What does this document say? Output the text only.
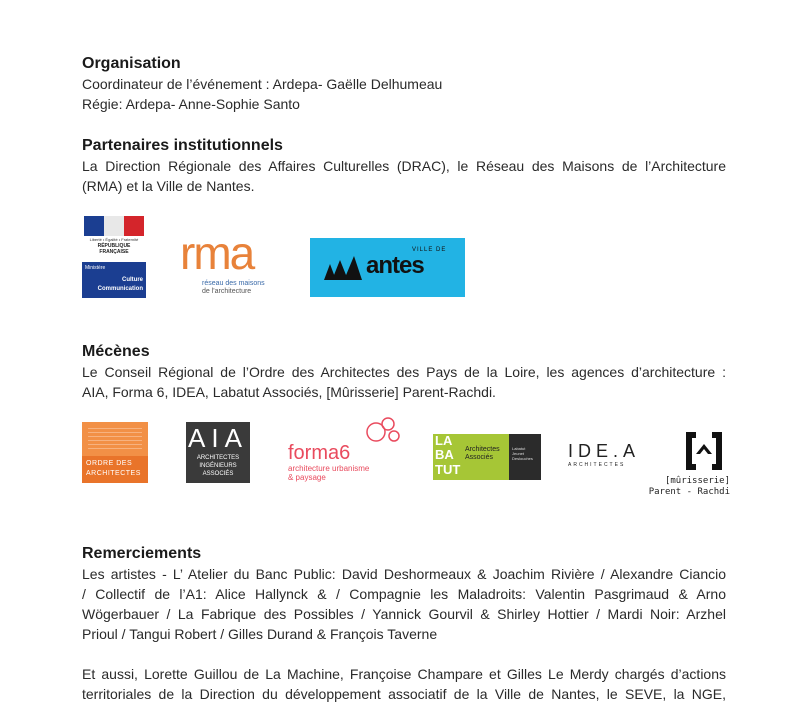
Organisation

Coordinateur de l’événement : Ardepa- Gaëlle Delhumeau

Régie: Ardepa- Anne-Sophie Santo

Partenaires institutionnels

La Direction Régionale des Affaires Culturelles (DRAC), le Réseau des Maisons de l’Architecture

(RMA) et la Ville de Nantes.

Liberté • Égalité • Fraternité
RÉPUBLIQUE FRANÇAISE
Ministère
Culture
Communication
rma
réseau des maisons
de l'architecture
VILLE DE
antes
Mécènes

Le Conseil Régional de l’Ordre des Architectes des Pays de la Loire, les agences d’architecture :

AIA, Forma 6, IDEA, Labatut Associés, [Mûrisserie] Parent-Rachdi.

ORDRE DES
ARCHITECTES
AIA
ARCHITECTES
INGÉNIEURS
ASSOCIÉS
forma6
architecture urbanisme
& paysage
LA
BA
TUT
Architectes
Associés
Labatut
Jeunet
Deslouches IDE.A
ARCHITECTES
[mûrisserie]
Parent - Rachdi
Remerciements

Les artistes - L’ Atelier du Banc Public: David Deshormeaux & Joachim Rivière / Alexandre Ciancio

/ Collectif de l’A1: Alice Hallynck & / Compagnie les Maladroits: Valentin Pasgrimaud & Arno

Wögerbauer / La Fabrique des Possibles / Yannick Gourvil & Shirley Hottier / Mardi Noir: Arzhel

Prioul / Tangui Robert / Gilles Durand & François Taverne

Et aussi, Lorette Guillou de La Machine, Françoise Champare et Gilles Le Merdy chargés d’actions

territoriales de la Direction du développement associatif de la Ville de Nantes, le SEVE, la NGE,
